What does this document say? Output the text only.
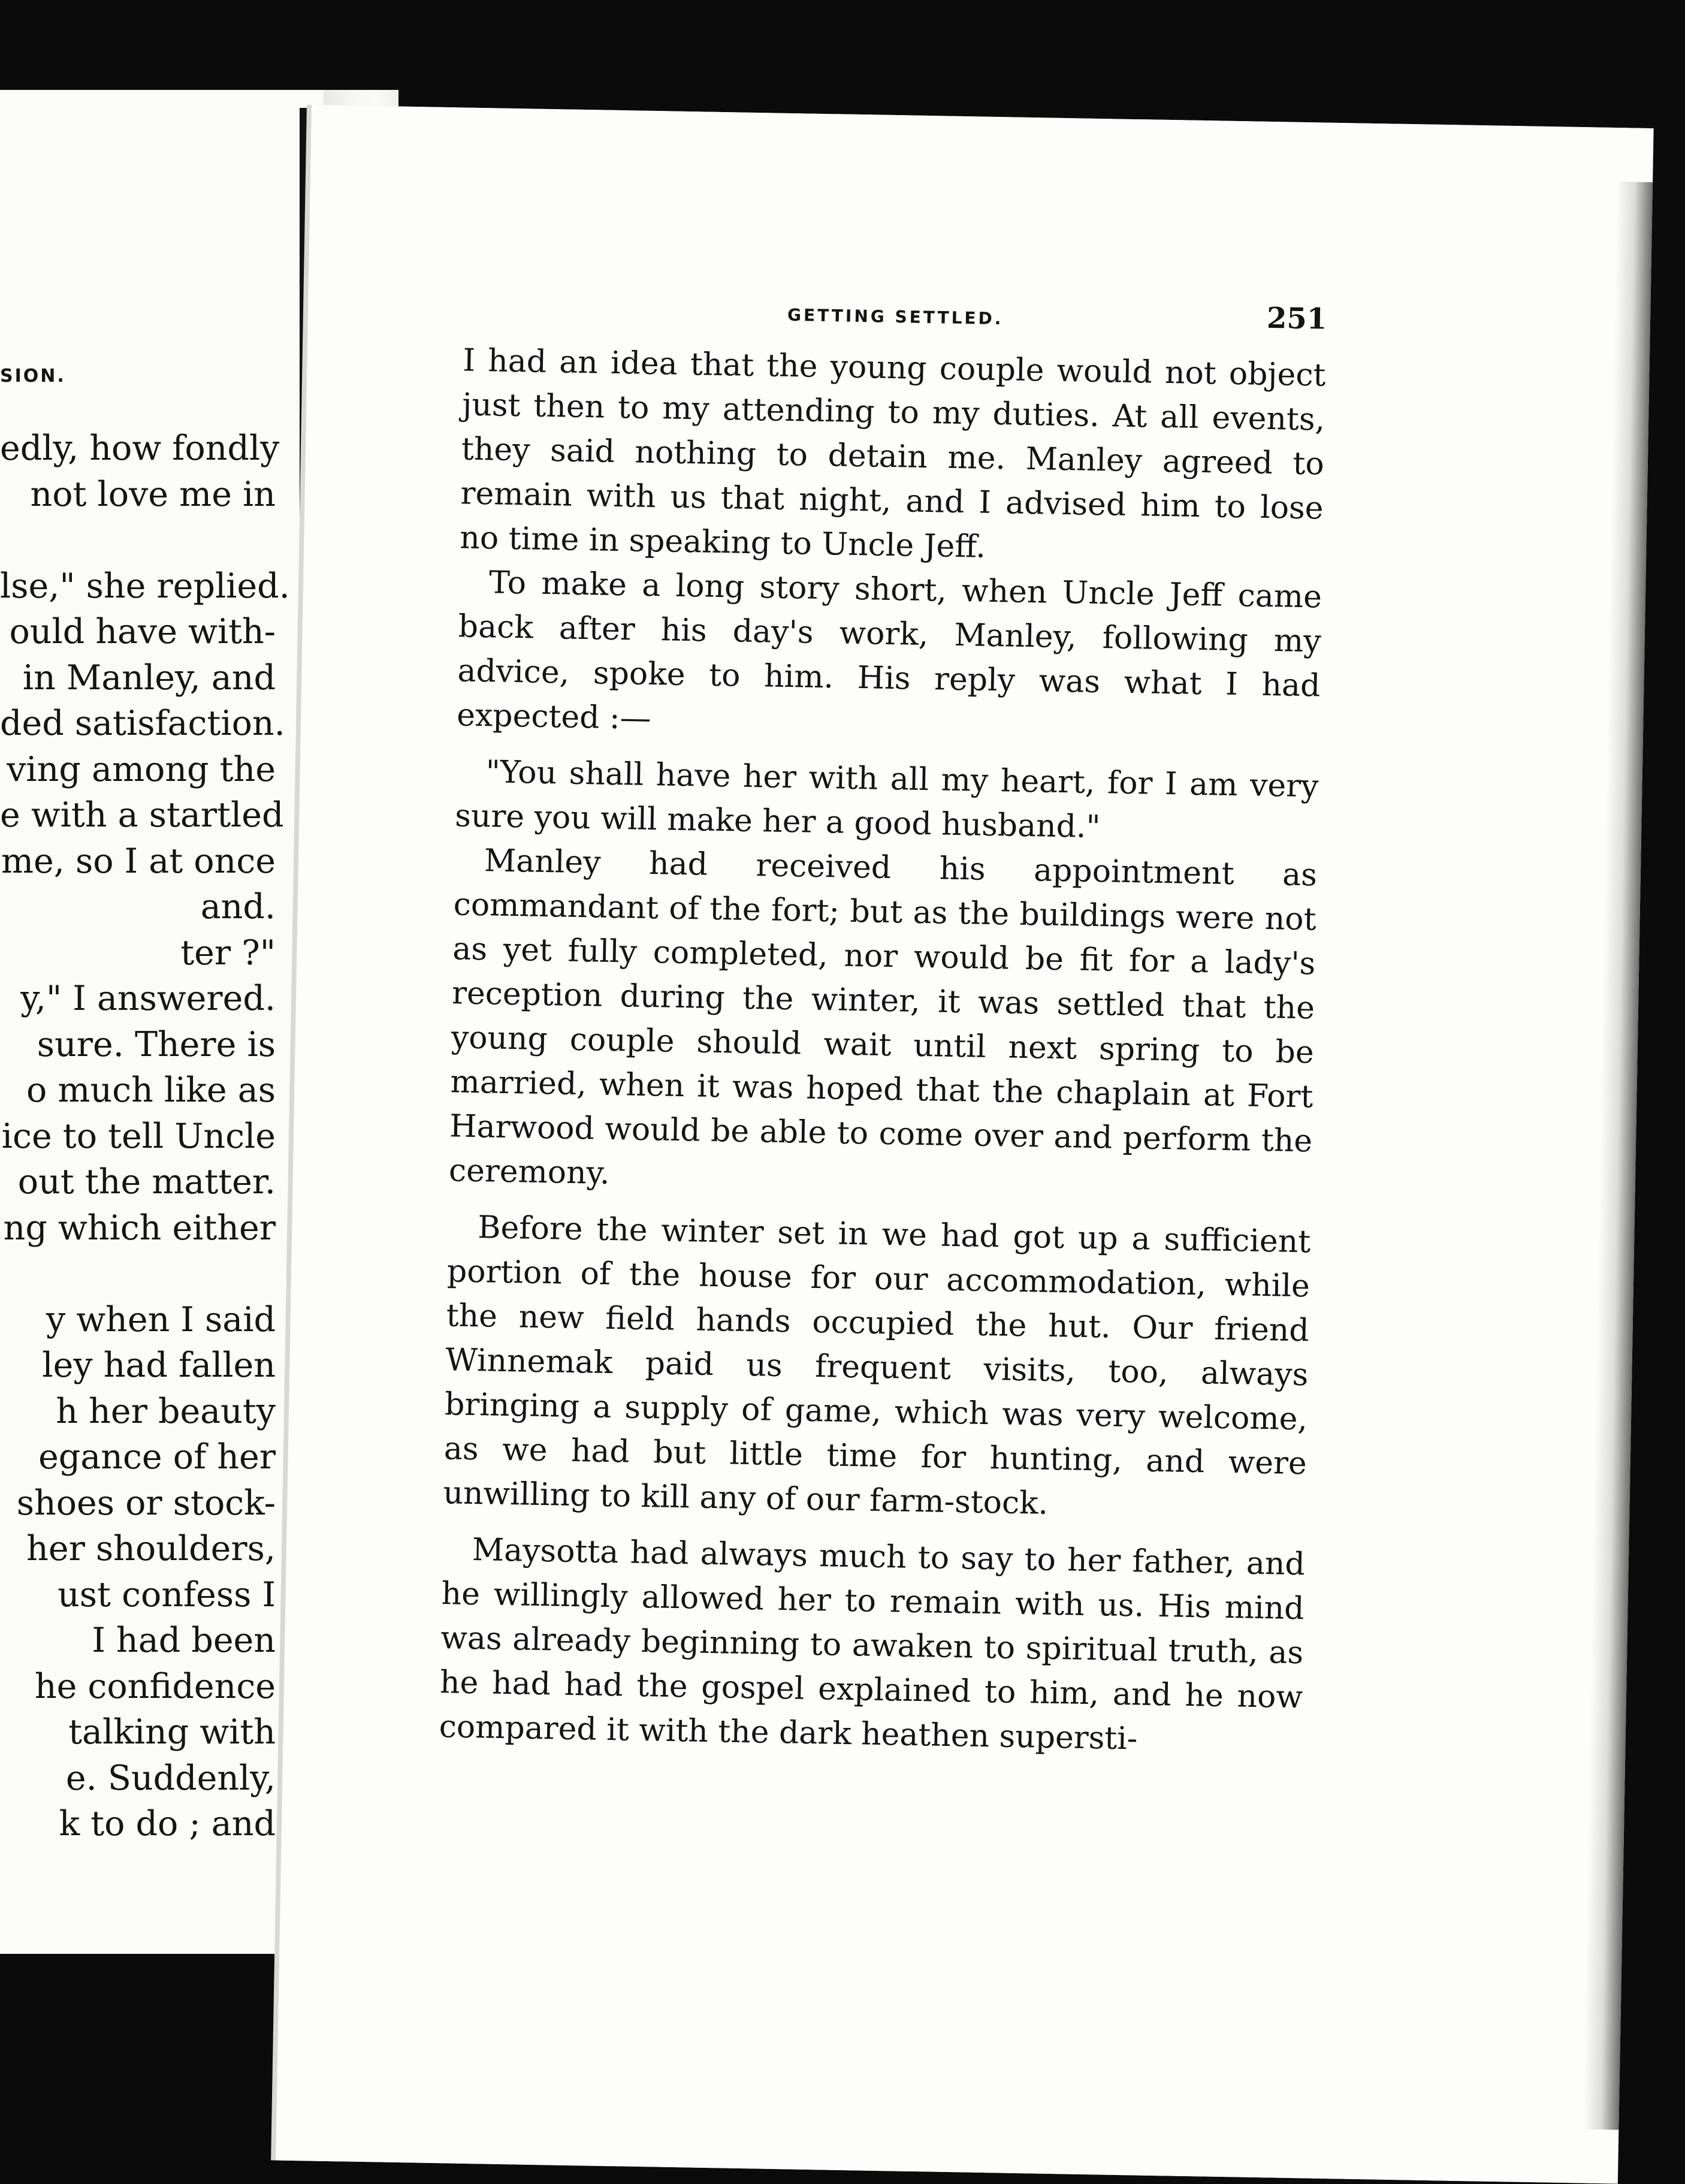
SION.
edly, how fondly
not love me in

lse," she replied.
ould have with-
in Manley, and
ded satisfaction.
ving among the
e with a startled
me, so I at once
and.
ter ?"
y," I answered.
sure. There is
o much like as
ice to tell Uncle
out the matter.
ng which either

y when I said
ley had fallen
h her beauty
egance of her
shoes or stock-
her shoulders,
ust confess I
I had been
he confidence
talking with
e. Suddenly,
k to do ; and
GETTING SETTLED.	251

I had an idea that the young couple would not object just then to my attending to my duties. At all events, they said nothing to detain me. Manley agreed to remain with us that night, and I advised him to lose no time in speaking to Uncle Jeff.

To make a long story short, when Uncle Jeff came back after his day's work, Manley, following my advice, spoke to him. His reply was what I had expected :—

"You shall have her with all my heart, for I am very sure you will make her a good husband."

Manley had received his appointment as commandant of the fort; but as the buildings were not as yet fully completed, nor would be fit for a lady's reception during the winter, it was settled that the young couple should wait until next spring to be married, when it was hoped that the chaplain at Fort Harwood would be able to come over and perform the ceremony.

Before the winter set in we had got up a sufficient portion of the house for our accommodation, while the new field hands occupied the hut. Our friend Winnemak paid us frequent visits, too, always bringing a supply of game, which was very welcome, as we had but little time for hunting, and were unwilling to kill any of our farm-stock.

Maysotta had always much to say to her father, and he willingly allowed her to remain with us. His mind was already beginning to awaken to spiritual truth, as he had had the gospel explained to him, and he now compared it with the dark heathen supersti-
